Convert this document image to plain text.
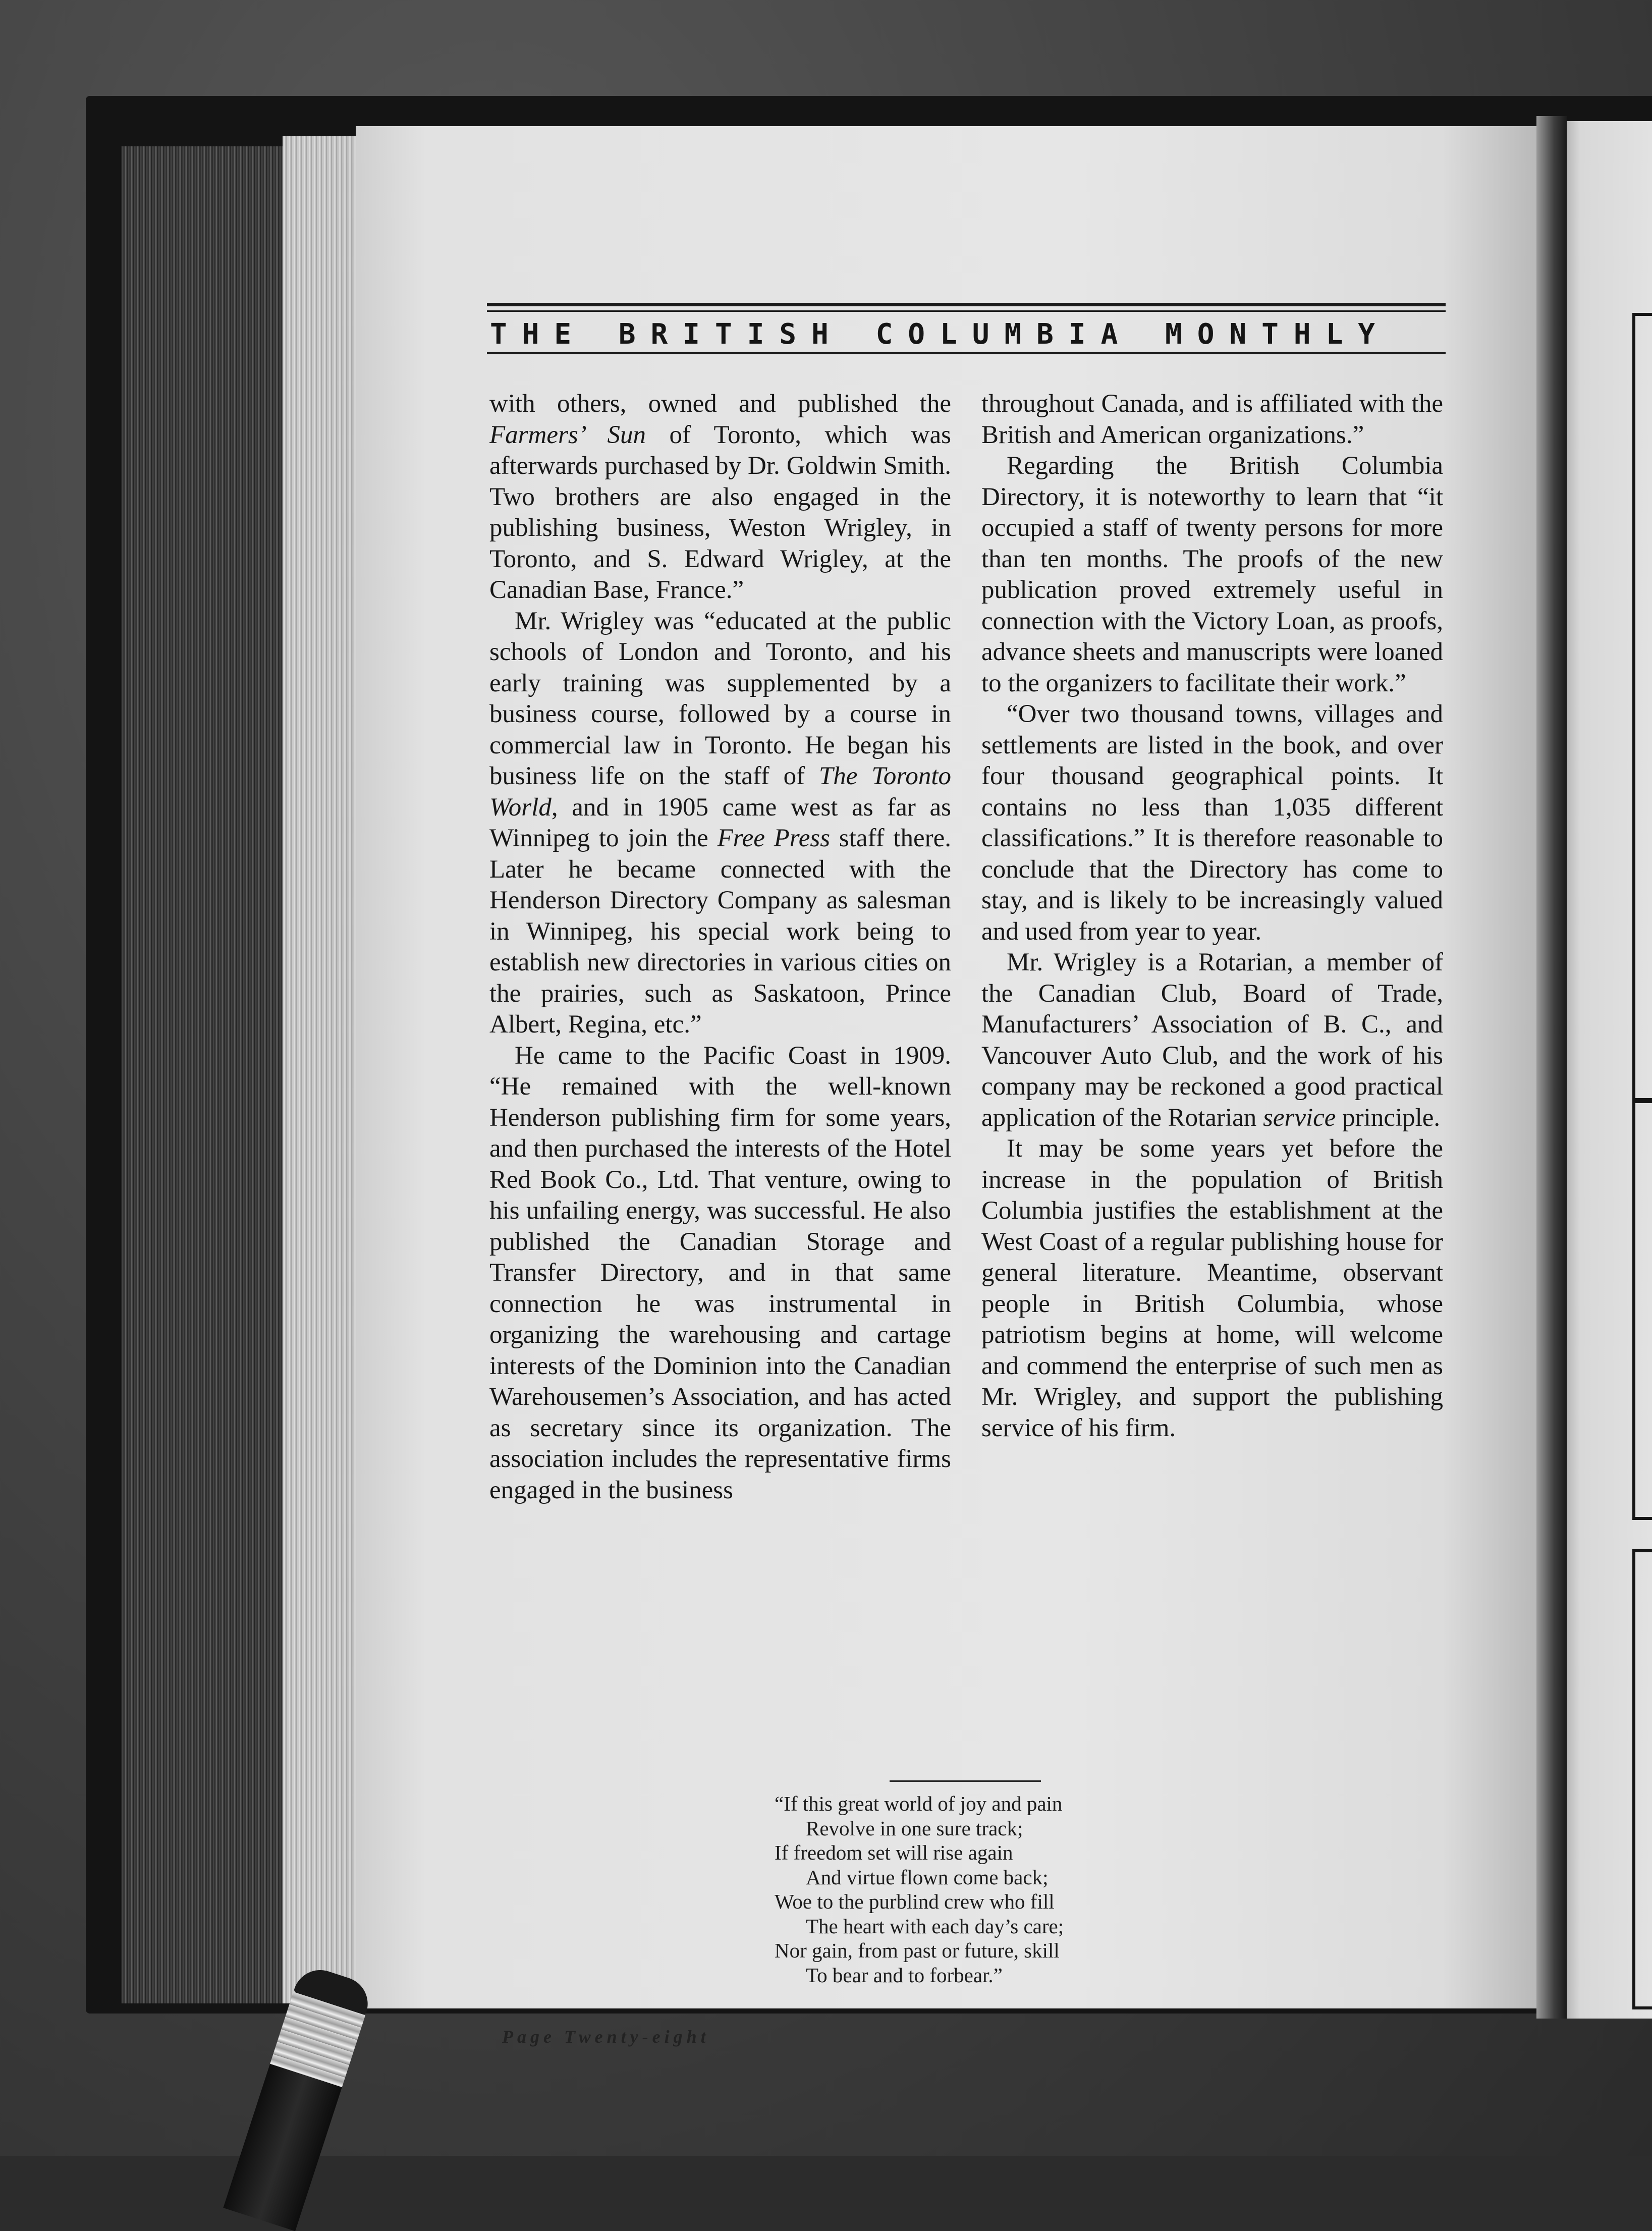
THE BRITISH COLUMBIA MONTHLY

with others, owned and published the Farmers’ Sun of Toronto, which was afterwards purchased by Dr. Goldwin Smith. Two brothers are also engaged in the publishing business, Weston Wrigley, in Toronto, and S. Edward Wrigley, at the Canadian Base, France.”

Mr. Wrigley was “educated at the public schools of London and Toronto, and his early training was supplemented by a business course, followed by a course in commercial law in Toronto. He began his business life on the staff of The Toronto World, and in 1905 came west as far as Winnipeg to join the Free Press staff there. Later he became connected with the Henderson Directory Company as salesman in Winnipeg, his special work being to establish new directories in various cities on the prairies, such as Saskatoon, Prince Albert, Regina, etc.”

He came to the Pacific Coast in 1909. “He remained with the well-known Henderson publishing firm for some years, and then purchased the interests of the Hotel Red Book Co., Ltd. That venture, owing to his unfailing energy, was successful. He also published the Canadian Storage and Transfer Directory, and in that same connection he was instrumental in organizing the warehousing and cartage interests of the Dominion into the Canadian Warehousemen’s Association, and has acted as secretary since its organization. The association includes the representative firms engaged in the business

throughout Canada, and is affiliated with the British and American organizations.”

Regarding the British Columbia Directory, it is noteworthy to learn that “it occupied a staff of twenty persons for more than ten months. The proofs of the new publication proved extremely useful in connection with the Victory Loan, as proofs, advance sheets and manuscripts were loaned to the organizers to facilitate their work.”

“Over two thousand towns, villages and settlements are listed in the book, and over four thousand geographical points. It contains no less than 1,035 different classifications.” It is therefore reasonable to conclude that the Directory has come to stay, and is likely to be increasingly valued and used from year to year.

Mr. Wrigley is a Rotarian, a member of the Canadian Club, Board of Trade, Manufacturers’ Association of B. C., and Vancouver Auto Club, and the work of his company may be reckoned a good practical application of the Rotarian service principle.

It may be some years yet before the increase in the population of British Columbia justifies the establishment at the West Coast of a regular publishing house for general literature. Meantime, observant people in British Columbia, whose patriotism begins at home, will welcome and commend the enterprise of such men as Mr. Wrigley, and support the publishing service of his firm.

“If this great world of joy and pain
Revolve in one sure track;
If freedom set will rise again
And virtue flown come back;
Woe to the purblind crew who fill
The heart with each day’s care;
Nor gain, from past or future, skill
To bear and to forbear.”
Page Twenty-eight
